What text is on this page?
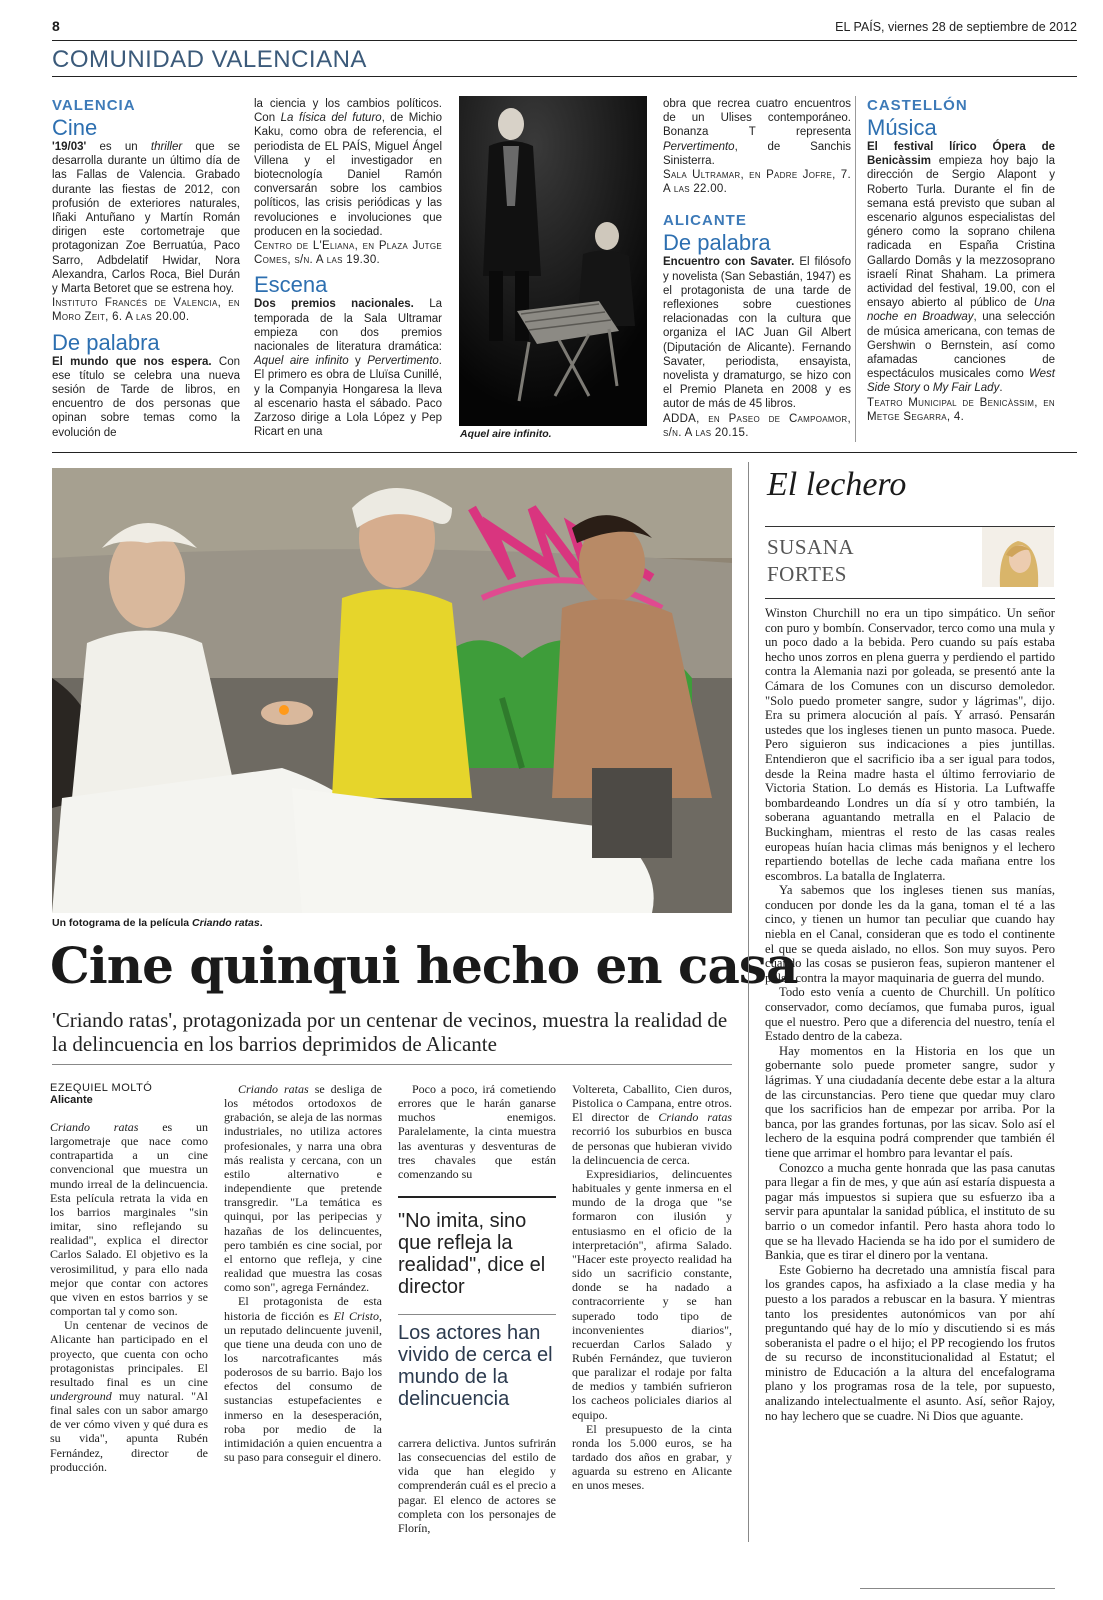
8	EL PAÍS, viernes 28 de septiembre de 2012
COMUNIDAD VALENCIANA
VALENCIA
Cine

'19/03' es un thriller que se desarrolla durante un último día de las Fallas de Valencia. Grabado durante las fiestas de 2012, con profusión de exteriores naturales, Iñaki Antuñano y Martín Román dirigen este cortometraje que protagonizan Zoe Berruatúa, Paco Sarro, Adbdelatif Hwidar, Nora Alexandra, Carlos Roca, Biel Durán y Marta Betoret que se estrena hoy.

Instituto Francés de Valencia, en Moro Zeit, 6. A las 20.00.

De palabra

El mundo que nos espera. Con ese título se celebra una nueva sesión de Tarde de libros, en encuentro de dos personas que opinan sobre temas como la evolución de

la ciencia y los cambios políticos. Con La física del futuro, de Michio Kaku, como obra de referencia, el periodista de EL PAÍS, Miguel Ángel Villena y el investigador en biotecnología Daniel Ramón conversarán sobre los cambios políticos, las crisis periódicas y las revoluciones e involuciones que producen en la sociedad.

Centro de L'Eliana, en Plaza Jutge Comes, s/n. A las 19.30.

Escena

Dos premios nacionales. La temporada de la Sala Ultramar empieza con dos premios nacionales de literatura dramática: Aquel aire infinito y Pervertimento. El primero es obra de Lluïsa Cunillé, y la Companyia Hongaresa la lleva al escenario hasta el sábado. Paco Zarzoso dirige a Lola López y Pep Ricart en una	Aquel aire infinito.

obra que recrea cuatro encuentros de un Ulises contemporáneo. Bonanza T representa Pervertimento, de Sanchis Sinisterra.

Sala Ultramar, en Padre Jofre, 7. A las 22.00.

ALICANTE
De palabra

Encuentro con Savater. El filósofo y novelista (San Sebastián, 1947) es el protagonista de una tarde de reflexiones sobre cuestiones relacionadas con la cultura que organiza el IAC Juan Gil Albert (Diputación de Alicante). Fernando Savater, periodista, ensayista, novelista y dramaturgo, se hizo con el Premio Planeta en 2008 y es autor de más de 45 libros.

ADDA, en Paseo de Campoamor, s/n. A las 20.15.

CASTELLÓN
Música

El festival lírico Ópera de Benicàssim empieza hoy bajo la dirección de Sergio Alapont y Roberto Turla. Durante el fin de semana está previsto que suban al escenario algunos especialistas del género como la soprano chilena radicada en España Cristina Gallardo Domâs y la mezzosoprano israelí Rinat Shaham. La primera actividad del festival, 19.00, con el ensayo abierto al público de Una noche en Broadway, una selección de música americana, con temas de Gershwin o Bernstein, así como afamadas canciones de espectáculos musicales como West Side Story o My Fair Lady.

Teatro Municipal de Benicàssim, en Metge Segarra, 4.

Un fotograma de la película Criando ratas.
Cine quinqui hecho en casa
'Criando ratas', protagonizada por un centenar de vecinos, muestra la realidad de la delincuencia en los barrios deprimidos de Alicante

EZEQUIEL MOLTÓ

Alicante

Criando ratas es un largometraje que nace como contrapartida a un cine convencional que muestra un mundo irreal de la delincuencia. Esta película retrata la vida en los barrios marginales "sin imitar, sino reflejando su realidad", explica el director Carlos Salado. El objetivo es la verosimilitud, y para ello nada mejor que contar con actores que viven en estos barrios y se comportan tal y como son.

Un centenar de vecinos de Alicante han participado en el proyecto, que cuenta con ocho protagonistas principales. El resultado final es un cine underground muy natural. "Al final sales con un sabor amargo de ver cómo viven y qué dura es su vida", apunta Rubén Fernández, director de producción.

Criando ratas se desliga de los métodos ortodoxos de grabación, se aleja de las normas industriales, no utiliza actores profesionales, y narra una obra más realista y cercana, con un estilo alternativo e independiente que pretende transgredir. "La temática es quinqui, por las peripecias y hazañas de los delincuentes, pero también es cine social, por el entorno que refleja, y cine realidad que muestra las cosas como son", agrega Fernández.

El protagonista de esta historia de ficción es El Cristo, un reputado delincuente juvenil, que tiene una deuda con uno de los narcotraficantes más poderosos de su barrio. Bajo los efectos del consumo de sustancias estupefacientes e inmerso en la desesperación, roba por medio de la intimidación a quien encuentra a su paso para conseguir el dinero.

Poco a poco, irá cometiendo errores que le harán ganarse muchos enemigos. Paralelamente, la cinta muestra las aventuras y desventuras de tres chavales que están comenzando su

"No imita, sino que refleja la realidad", dice el director
Los actores han vivido de cerca el mundo de la delincuencia

carrera delictiva. Juntos sufrirán las consecuencias del estilo de vida que han elegido y comprenderán cuál es el precio a pagar. El elenco de actores se completa con los personajes de Florín,

Voltereta, Caballito, Cien duros, Pistolica o Campana, entre otros. El director de Criando ratas recorrió los suburbios en busca de personas que hubieran vivido la delincuencia de cerca.

Expresidiarios, delincuentes habituales y gente inmersa en el mundo de la droga que "se formaron con ilusión y entusiasmo en el oficio de la interpretación", afirma Salado. "Hacer este proyecto realidad ha sido un sacrificio constante, donde se ha nadado a contracorriente y se han superado todo tipo de inconvenientes diarios", recuerdan Carlos Salado y Rubén Fernández, que tuvieron que paralizar el rodaje por falta de medios y también sufrieron los cacheos policiales diarios al equipo.

El presupuesto de la cinta ronda los 5.000 euros, se ha tardado dos años en grabar, y aguarda su estreno en Alicante en unos meses.

El lechero
SUSANA
FORTES

Winston Churchill no era un tipo simpático. Un señor con puro y bombín. Conservador, terco como una mula y un poco dado a la bebida. Pero cuando su país estaba hecho unos zorros en plena guerra y perdiendo el partido contra la Alemania nazi por goleada, se presentó ante la Cámara de los Comunes con un discurso demoledor. "Solo puedo prometer sangre, sudor y lágrimas", dijo. Era su primera alocución al país. Y arrasó. Pensarán ustedes que los ingleses tienen un punto masoca. Puede. Pero siguieron sus indicaciones a pies juntillas. Entendieron que el sacrificio iba a ser igual para todos, desde la Reina madre hasta el último ferroviario de Victoria Station. Lo demás es Historia. La Luftwaffe bombardeando Londres un día sí y otro también, la soberana aguantando metralla en el Palacio de Buckingham, mientras el resto de las casas reales europeas huían hacia climas más benignos y el lechero repartiendo botellas de leche cada mañana entre los escombros. La batalla de Inglaterra.

Ya sabemos que los ingleses tienen sus manías, conducen por donde les da la gana, toman el té a las cinco, y tienen un humor tan peculiar que cuando hay niebla en el Canal, consideran que es todo el continente el que se queda aislado, no ellos. Son muy suyos. Pero cuando las cosas se pusieron feas, supieron mantener el pulso contra la mayor maquinaria de guerra del mundo.

Todo esto venía a cuento de Churchill. Un político conservador, como decíamos, que fumaba puros, igual que el nuestro. Pero que a diferencia del nuestro, tenía el Estado dentro de la cabeza.

Hay momentos en la Historia en los que un gobernante solo puede prometer sangre, sudor y lágrimas. Y una ciudadanía decente debe estar a la altura de las circunstancias. Pero tiene que quedar muy claro que los sacrificios han de empezar por arriba. Por la banca, por las grandes fortunas, por las sicav. Solo así el lechero de la esquina podrá comprender que también él tiene que arrimar el hombro para levantar el país.

Conozco a mucha gente honrada que las pasa canutas para llegar a fin de mes, y que aún así estaría dispuesta a pagar más impuestos si supiera que su esfuerzo iba a servir para apuntalar la sanidad pública, el instituto de su barrio o un comedor infantil. Pero hasta ahora todo lo que se ha llevado Hacienda se ha ido por el sumidero de Bankia, que es tirar el dinero por la ventana.

Este Gobierno ha decretado una amnistía fiscal para los grandes capos, ha asfixiado a la clase media y ha puesto a los parados a rebuscar en la basura. Y mientras tanto los presidentes autonómicos van por ahí preguntando qué hay de lo mío y discutiendo si es más soberanista el padre o el hijo; el PP recogiendo los frutos de su recurso de inconstitucionalidad al Estatut; el ministro de Educación a la altura del encefalograma plano y los programas rosa de la tele, por supuesto, analizando intelectualmente el asunto. Así, señor Rajoy, no hay lechero que se cuadre. Ni Dios que aguante.
